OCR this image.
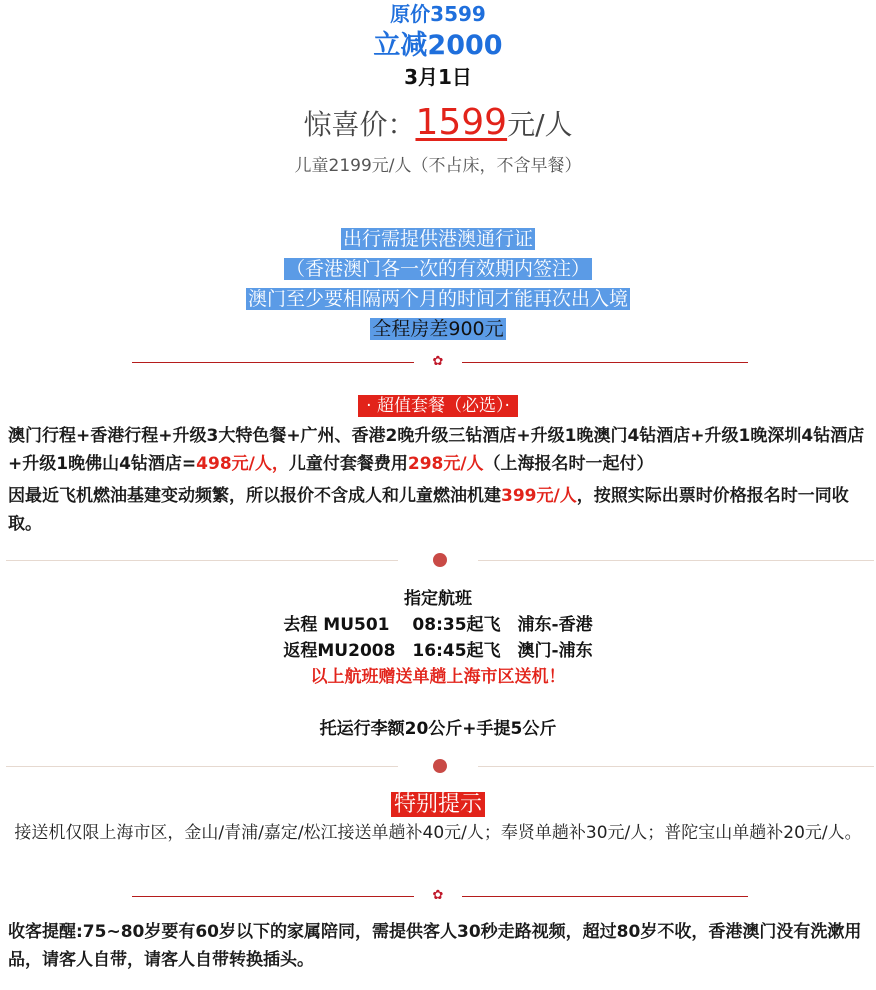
原价3599
立减2000
3月1日
惊喜价：1599元/人
儿童2199元/人（不占床，不含早餐）
出行需提供港澳通行证
（香港澳门各一次的有效期内签注）
澳门至少要相隔两个月的时间才能再次出入境
全程房差900元
✿
· 超值套餐（必选）·
澳门行程+香港行程+升级3大特色餐+广州、香港2晚升级三钻酒店+升级1晚澳门4钻酒店+升级1晚深圳4钻酒店+升级1晚佛山4钻酒店=498元/人，儿童付套餐费用298元/人（上海报名时一起付）
因最近飞机燃油基建变动频繁，所以报价不含成人和儿童燃油机建399元/人，按照实际出票时价格报名时一同收取。
指定航班
去程 MU501　 08:35起飞　浦东-香港
返程MU2008　16:45起飞　澳门-浦东
以上航班赠送单趟上海市区送机！
托运行李额20公斤+手提5公斤
特别提示
接送机仅限上海市区，金山/青浦/嘉定/松江接送单趟补40元/人；奉贤单趟补30元/人；普陀宝山单趟补20元/人。
✿
收客提醒:75~80岁要有60岁以下的家属陪同，需提供客人30秒走路视频，超过80岁不收，香港澳门没有洗漱用品，请客人自带，请客人自带转换插头。
